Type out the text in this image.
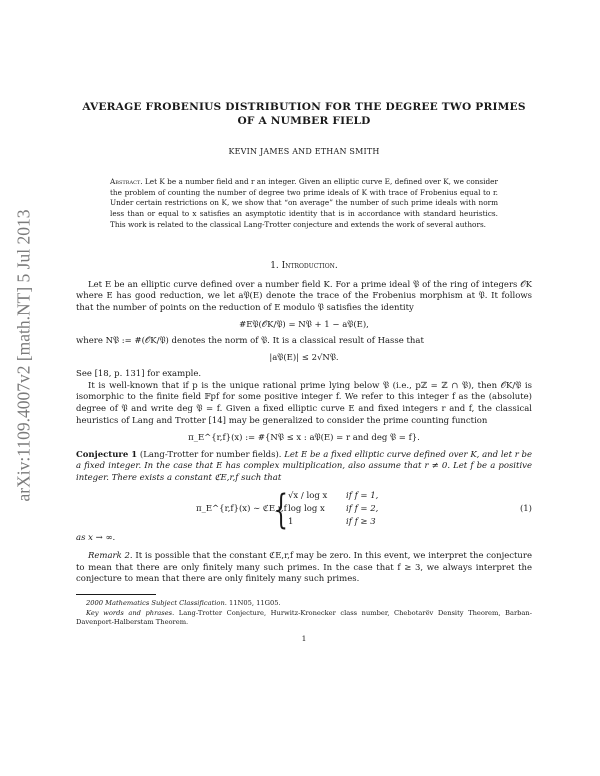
arXiv:1109.4007v2 [math.NT] 5 Jul 2013
AVERAGE FROBENIUS DISTRIBUTION FOR THE DEGREE TWO PRIMES
OF A NUMBER FIELD
KEVIN JAMES AND ETHAN SMITH
Abstract. Let K be a number field and r an integer. Given an elliptic curve E, defined over K, we consider the problem of counting the number of degree two prime ideals of K with trace of Frobenius equal to r. Under certain restrictions on K, we show that “on average” the number of such prime ideals with norm less than or equal to x satisfies an asymptotic identity that is in accordance with standard heuristics. This work is related to the classical Lang-Trotter conjecture and extends the work of several authors.
1. Introduction.

Let E be an elliptic curve defined over a number field K. For a prime ideal 𝔓 of the ring of integers 𝒪K where E has good reduction, we let a𝔓(E) denote the trace of the Frobenius morphism at 𝔓. It follows that the number of points on the reduction of E modulo 𝔓 satisfies the identity

#E𝔓(𝒪K/𝔓) = N𝔓 + 1 − a𝔓(E),

where N𝔓 := #(𝒪K/𝔓) denotes the norm of 𝔓. It is a classical result of Hasse that

|a𝔓(E)| ≤ 2√N𝔓.

See [18, p. 131] for example.

It is well-known that if p is the unique rational prime lying below 𝔓 (i.e., pℤ = ℤ ∩ 𝔓), then 𝒪K/𝔓 is isomorphic to the finite field 𝔽pf for some positive integer f. We refer to this integer f as the (absolute) degree of 𝔓 and write deg 𝔓 = f. Given a fixed elliptic curve E and fixed integers r and f, the classical heuristics of Lang and Trotter [14] may be generalized to consider the prime counting function

π_E^{r,f}(x) := #{N𝔓 ≤ x : a𝔓(E) = r and deg 𝔓 = f}.

Conjecture 1 (Lang-Trotter for number fields). Let E be a fixed elliptic curve defined over K, and let r be a fixed integer. In the case that E has complex multiplication, also assume that r ≠ 0. Let f be a positive integer. There exists a constant ℭE,r,f such that

π_E^{r,f}(x) ∼ ℭE,r,f
{ √x / log x	if f = 1,
log log x	if f = 2,
1	if f ≥ 3
(1)

as x → ∞.

Remark 2. It is possible that the constant ℭE,r,f may be zero. In this event, we interpret the conjecture to mean that there are only finitely many such primes. In the case that f ≥ 3, we always interpret the conjecture to mean that there are only finitely many such primes.

2000 Mathematics Subject Classification. 11N05, 11G05.
Key words and phrases. Lang-Trotter Conjecture, Hurwitz-Kronecker class number, Chebotarëv Density Theorem, Barban-Davenport-Halberstam Theorem.
1
